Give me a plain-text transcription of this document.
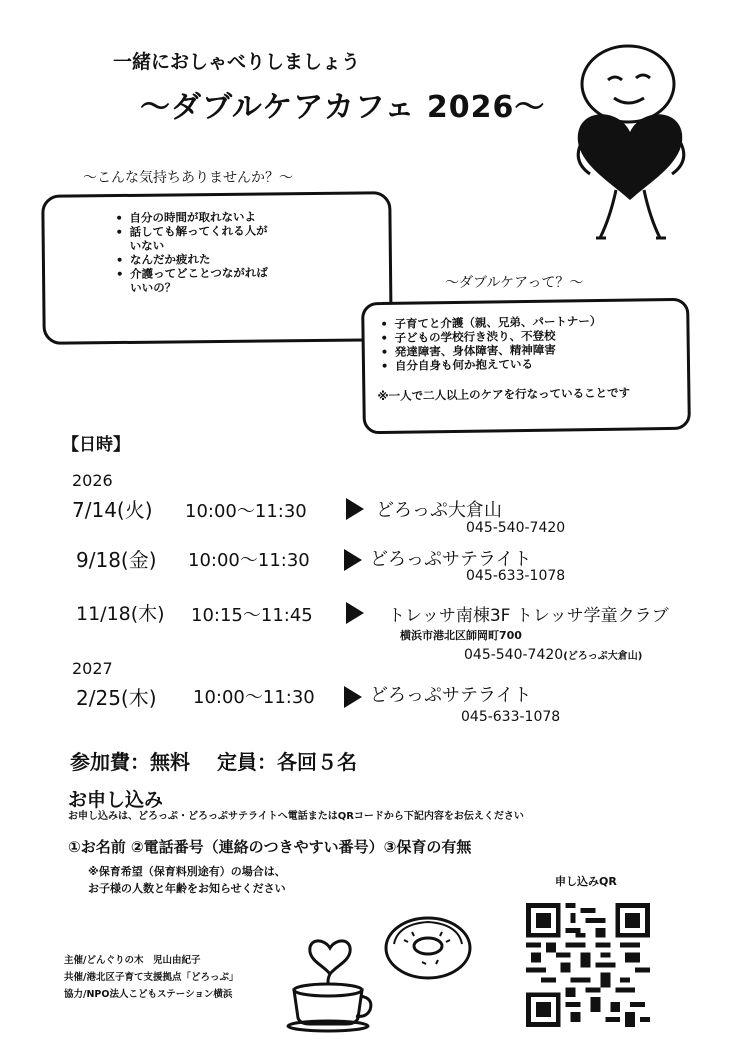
一緒におしゃべりしましょう
～ダブルケアカフェ 2026～
～こんな気持ちありませんか？～
• 自分の時間が取れないよ
• 話しても解ってくれる人が
いない
• なんだか疲れた
• 介護ってどことつながれば
いいの？	～ダブルケアって？～
• 子育てと介護（親、兄弟、パートナー）
• 子どもの学校行き渋り、不登校
• 発達障害、身体障害、精神障害
• 自分自身も何か抱えている
※一人で二人以上のケアを行なっていることです
【日時】
2026
7/14(火) 10:00〜11:30	どろっぷ大倉山
045-540-7420
9/18(金) 10:00〜11:30	どろっぷサテライト
045-633-1078
11/18(木) 10:15〜11:45	トレッサ南棟3F トレッサ学童クラブ
横浜市港北区師岡町700
045-540-7420(どろっぷ大倉山)
2027
2/25(木) 10:00〜11:30	どろっぷサテライト
045-633-1078
参加費：無料　 定員：各回５名
お申し込み
お申し込みは、どろっぷ・どろっぷサテライトへ電話またはQRコードから下記内容をお伝えください
①お名前 ②電話番号（連絡のつきやすい番号）③保育の有無
※保育希望（保育料別途有）の場合は、
お子様の人数と年齢をお知らせください
申し込みQR
主催/どんぐりの木　児山由紀子
共催/港北区子育て支援拠点「どろっぷ」
協力/NPO法人こどもステーション横浜
